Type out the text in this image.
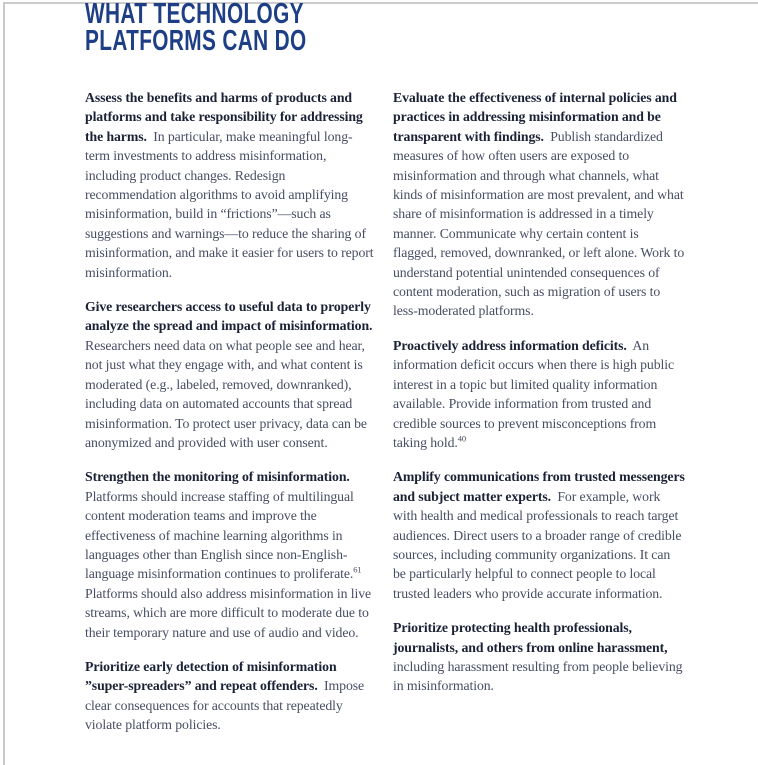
WHAT TECHNOLOGY
PLATFORMS CAN DO

Assess the benefits and harms of products and platforms and take responsibility for addressing the harms. In particular, make meaningful long-term investments to address misinformation, including product changes. Redesign recommendation algorithms to avoid amplifying misinformation, build in “frictions”—such as suggestions and warnings—to reduce the sharing of misinformation, and make it easier for users to report misinformation.

Give researchers access to useful data to properly analyze the spread and impact of misinformation. Researchers need data on what people see and hear, not just what they engage with, and what content is moderated (e.g., labeled, removed, downranked), including data on automated accounts that spread misinformation. To protect user privacy, data can be anonymized and provided with user consent.

Strengthen the monitoring of misinformation. Platforms should increase staffing of multilingual content moderation teams and improve the effectiveness of machine learning algorithms in languages other than English since non-English-language misinformation continues to proliferate.$^{61}$ Platforms should also address misinformation in live streams, which are more difficult to moderate due to their temporary nature and use of audio and video.

Prioritize early detection of misinformation ”super-spreaders” and repeat offenders. Impose clear consequences for accounts that repeatedly violate platform policies.

Evaluate the effectiveness of internal policies and practices in addressing misinformation and be transparent with findings. Publish standardized measures of how often users are exposed to misinformation and through what channels, what kinds of misinformation are most prevalent, and what share of misinformation is addressed in a timely manner. Communicate why certain content is flagged, removed, downranked, or left alone. Work to understand potential unintended consequences of content moderation, such as migration of users to less-moderated platforms.

Proactively address information deficits. An information deficit occurs when there is high public interest in a topic but limited quality information available. Provide information from trusted and credible sources to prevent misconceptions from taking hold.$^{40}$

Amplify communications from trusted messengers and subject matter experts. For example, work with health and medical professionals to reach target audiences. Direct users to a broader range of credible sources, including community organizations. It can be particularly helpful to connect people to local trusted leaders who provide accurate information.

Prioritize protecting health professionals, journalists, and others from online harassment, including harassment resulting from people believing in misinformation.
